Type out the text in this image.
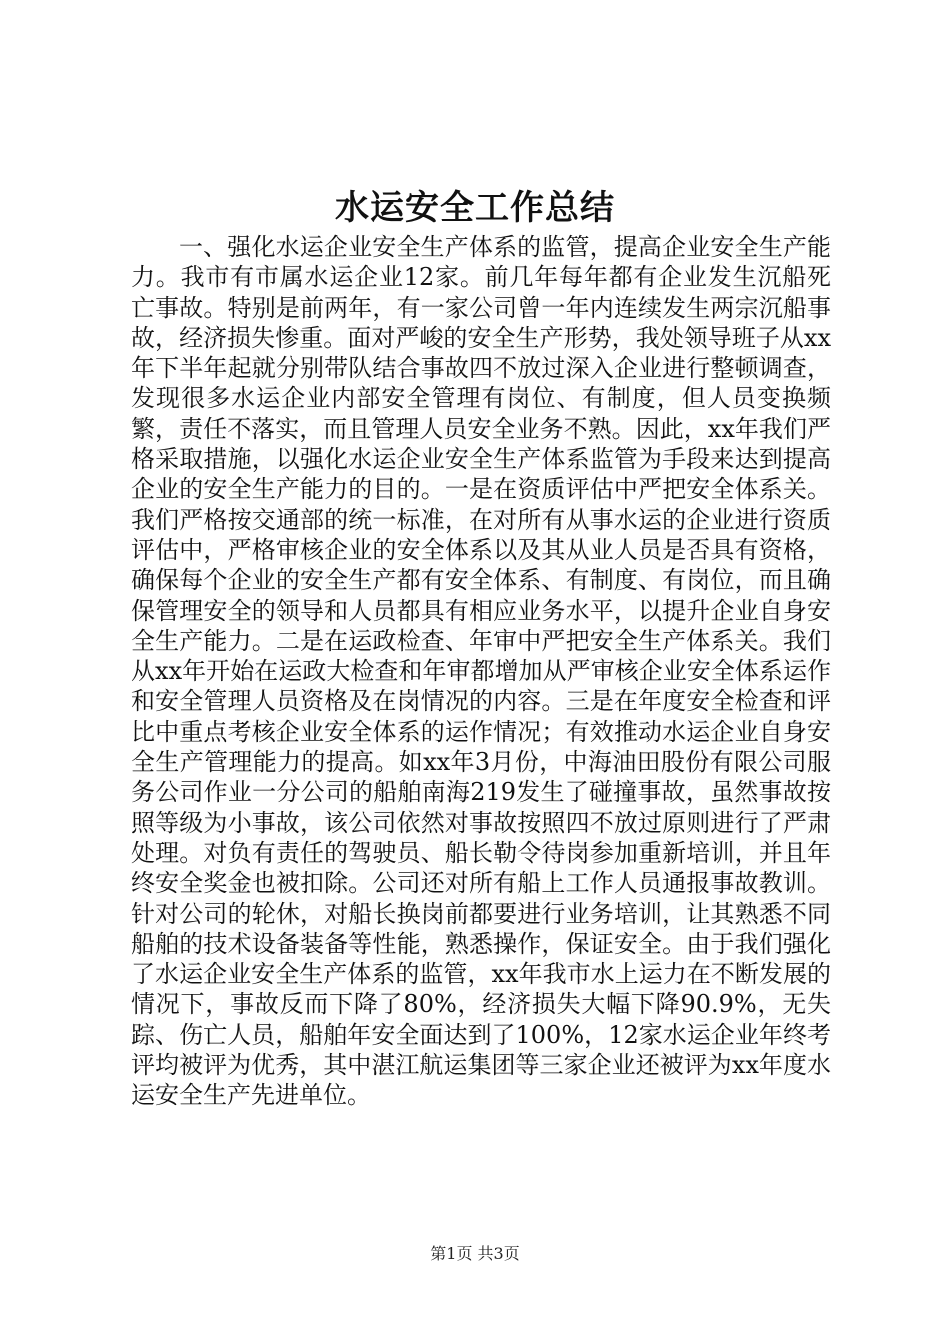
水运安全工作总结

一、强化水运企业安全生产体系的监管，提高企业安全生产能力。我市有市属水运企业12家。前几年每年都有企业发生沉船死亡事故。特别是前两年，有一家公司曾一年内连续发生两宗沉船事故，经济损失惨重。面对严峻的安全生产形势，我处领导班子从xx年下半年起就分别带队结合事故四不放过深入企业进行整顿调查，发现很多水运企业内部安全管理有岗位、有制度，但人员变换频繁，责任不落实，而且管理人员安全业务不熟。因此，xx年我们严格采取措施，以强化水运企业安全生产体系监管为手段来达到提高企业的安全生产能力的目的。一是在资质评估中严把安全体系关。我们严格按交通部的统一标准，在对所有从事水运的企业进行资质评估中，严格审核企业的安全体系以及其从业人员是否具有资格，确保每个企业的安全生产都有安全体系、有制度、有岗位，而且确保管理安全的领导和人员都具有相应业务水平，以提升企业自身安全生产能力。二是在运政检查、年审中严把安全生产体系关。我们从xx年开始在运政大检查和年审都增加从严审核企业安全体系运作和安全管理人员资格及在岗情况的内容。三是在年度安全检查和评比中重点考核企业安全体系的运作情况；有效推动水运企业自身安全生产管理能力的提高。如xx年3月份，中海油田股份有限公司服务公司作业一分公司的船舶南海219发生了碰撞事故，虽然事故按照等级为小事故，该公司依然对事故按照四不放过原则进行了严肃处理。对负有责任的驾驶员、船长勒令待岗参加重新培训，并且年终安全奖金也被扣除。公司还对所有船上工作人员通报事故教训。针对公司的轮休，对船长换岗前都要进行业务培训，让其熟悉不同船舶的技术设备装备等性能，熟悉操作，保证安全。由于我们强化了水运企业安全生产体系的监管，xx年我市水上运力在不断发展的情况下，事故反而下降了80%，经济损失大幅下降90.9%，无失踪、伤亡人员，船舶年安全面达到了100%，12家水运企业年终考评均被评为优秀，其中湛江航运集团等三家企业还被评为xx年度水运安全生产先进单位。

第1页 共3页
